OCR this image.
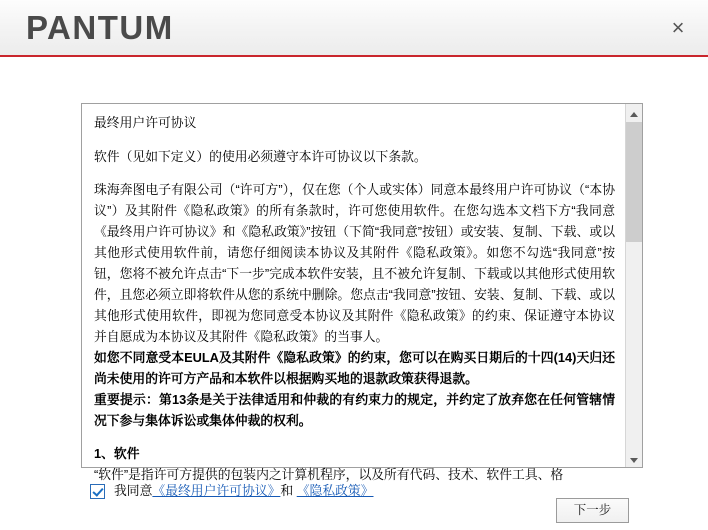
PANTUM	×

最终用户许可协议

软件（见如下定义）的使用必须遵守本许可协议以下条款。

珠海奔图电子有限公司（“许可方”），仅在您（个人或实体）同意本最终用户许可协议（“本协议”）及其附件《隐私政策》的所有条款时，许可您使用软件。在您勾选本文档下方“我同意《最终用户许可协议》和《隐私政策》”按钮（下简“我同意”按钮）或安装、复制、下载、或以其他形式使用软件前，请您仔细阅读本协议及其附件《隐私政策》。如您不勾选“我同意”按钮，您将不被允许点击“下一步”完成本软件安装，且不被允许复制、下载或以其他形式使用软件，且您必须立即将软件从您的系统中删除。您点击“我同意”按钮、安装、复制、下载、或以其他形式使用软件，即视为您同意受本协议及其附件《隐私政策》的约束、保证遵守本协议并自愿成为本协议及其附件《隐私政策》的当事人。

如您不同意受本EULA及其附件《隐私政策》的约束，您可以在购买日期后的十四(14)天归还尚未使用的许可方产品和本软件以根据购买地的退款政策获得退款。

重要提示：第13条是关于法律适用和仲裁的有约束力的规定，并约定了放弃您在任何管辖情况下参与集体诉讼或集体仲裁的权利。

1、软件

“软件”是指许可方提供的包装内之计算机程序，以及所有代码、技术、软件工具、格

我同意《最终用户许可协议》和 《隐私政策》
下一步
